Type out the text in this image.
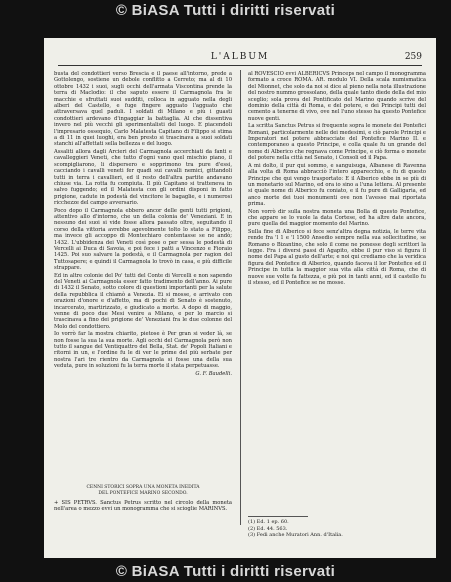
© BiASA Tutti i diritti riservati
L'ALBUM	259

busta del condottieri verso Brescia e il paese all'intorno, prede a Gottolengo, sostiene un debole conflitto a Cerreto; ma al di 10 ottobre 1432 i suoi, sugli occhi dell'armata Viscontina prende la terra di Maclodio: il che saputo essere il Carmagnola fra le macchie e sfruttati suoi sudditi, colloca in agguato nella degli alberi del Castello, e fuge fingere agguato l'agguato che attraversava quel paduli. I soldati di Milano e più i guasti condottieri ardevano d'ingaggiar la battaglia. Al che dissentiva invero nel più vecchi gli sperimentalisti del luogo. E piacendoli l'impresario ossequio, Carlo Malatesta Capitano di Filippo si stima a di 11 in quei luoghi, era ben presto si trascinava a suoi soldati stanchi all'affettati sella bellezza e del luogo.

Assaliti allora dagli Arcieri del Carmagnola accerchiati da fanti e cavalleggieri Veneti, che tutto d'ogni vano quel mischio piano, il scompigliarono, li dispersero e sopprimono tra pure d'essi, cacciando i cavalli veneti fer quadi sui cavalli nemici, gittandoli tutti in terra i cavallieri, ed il resto dell'altra partite andavano chiuse via. La rotta fu compiuta. Il più Capitano si tratteneva in salvo fuggendo; ed il Malatesta con gli ordini disponi in fatto prigione, cadute in podestà del vincitore le bagaglie, e i numerosi ricchezze del campo avversario.

Poco dopo il Carmagnola ebbero ancor delle genti tutti prigioni, attentivo allo d'intorno, che un della colonia de' Veneziani. E in nessuno dei suoi si vide fosse allora passato oltre, seguitando il corso della vittoria avrebbe agevolmente tolto lo stato a Filippo, ma invece gli accoppo di Montechiaro contentasse se ne andò; 1432. L'ubbidenza dei Veneti così pose o per sessa le podestà di Vercelli ai Duca di Savoia, e poi fece i patti a Vincenzo e Fioraio 1425. Poi suo salvare la podestà, e il Carmagnola per ragion del Tuttosapere; e quindi il Carmagnola lo trovò in casa, e più difficile strappare.

Ed in altre colonie del Po' tutti del Conte di Vercelli e non sapendo del Veneti ai Carmagnola esser fatto tradimento dell'anno. Ai pure di 1432 il Senato, sotto colore di questioni importanti per la salute della repubblica il chiamò a Venezia. Ei si mosse, e arrivato con orazioni d'onore e d'affetto, ma di pochi di Senato è sostenuto, incarcerato, martirizzato, e giudicato a morte. A dopo di maggio, venne di poco due Mesi venire a Milano, e per lo marcio si trascinava a fino dei prigione de' Veneziani fra le due colonne del Molo del condottiero.

Io vorrò far la mostra chiarito, pietose è Per gran si veder là, se non fosse la sua la sua morte. Agli occhi del Carmagnola però non tutto il sangue del Ventiquattro del Bella, Stat. de' Popoli Italiani e ritorni in un, e l'ordine fu le di ver le prime del più serbate per nostra l'ari tre rientro da Carmagnola si fosse una della sua veduta, pure in soluzioni fu la terra morte il stata perpetuasse.

G. F. Baudelli.

CENNI STORICI SOPRA UNA MONETA INEDITA
DEL PONTEFICE MARINO SECONDO.
+ SIS PETRVS. Sanctus Petrus scritto nel circolo della moneta nell'area o mezzo evvi un monogramma che si scioglie MARINVS.

al ROVESCIO evvi ALBERICVS Princeps nel campo il monogramma formato a croce ROMA. AR. modulo VI. Della scala numismatica del Mionnet, che solo da noi si dice al pieno nella nota illustrazione del nostro nummo grossolano, della quale tanto diede della del mio sceglio; sola prova del Pontificato del Marino quando scrive del dominio della città di Roma, e del potere, e dei Principi tutti del cemento a tenerne di vivo, ove nel l'uno stesso ha questo Pontefice nuove genti.

La scritta Sanctus Petrus si frequente sopra le monete dei Pontefici Romani, particolarmente nelle dei medesimi, e ciò parole Principi e Imperatori nel potere abbracciate del Pontefice Marino II. e contemporaneo a questo Principe, e colla quale fu un grande del nome di Alberico che regnava come Principe, e ciò forma o monete del potere nella città nel Senato, i Consoli ed il Papa.

A mi dolto, il pur qui sommo, e sanguisuga, Albanese di Ravenna alla volta di Roma abbracciò l'intero apparecchio, e fu di questo Principe che qui vengo trasportato: E il Alberico ebbe in se più di un monetario sul Marino, ed ora io sino a l'una lettera. Al presente si quale nome di Alberico fu coniato, e il fu pure di Galligaria, ed anco morte dei tuoi monumenti ove non l'avesse mai riportata prima.

Non vorrò dir sulla nostra moneta una Bolla di questo Pontefice, che appare se lo vuole la data Cortese, ed ha altre date ancora, pure quella del maggior momento del Marino.

Sulla fine di Alberico si fece senz'altra degna notizia, le terre vita rende fra 'l 1 e 'l 1500 Ansedio sempre nella sua sollecitudine, se Romano o Bizantino, che solo il come ne ponesse degli scrittori la legge. Fra i diversi passi di Agapito, ebbe il pur viso si figura il nome del Papa al gusto dell'arte; e noi qui crediamo che la veridica figura del Pontefice di Alberico, quando faceva il lor Pontefice ed il Principe in tutta la maggior sua vita alla città di Roma, che di nuove sue volte fa fattezza, e più poi in tanti anni, ed il castello fu il stesso, ed il Pontefice se ne mosse.

(1) Ed. 1 ep. 60.
(2) Ed. 44. 563.
(3) Fedi anche Muratori Ann. d'Italia.
© BiASA Tutti i diritti riservati
